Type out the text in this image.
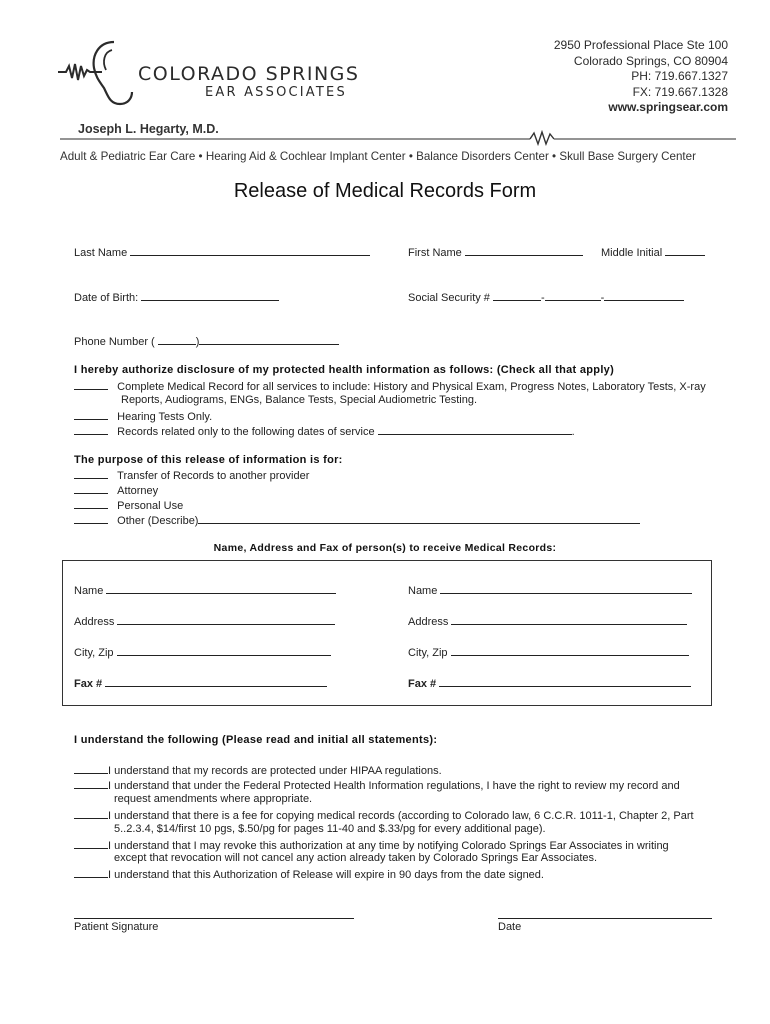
COLORADO SPRINGS
EAR ASSOCIATES
2950 Professional Place Ste 100
Colorado Springs, CO 80904
PH: 719.667.1327
FX: 719.667.1328
www.springsear.com
Joseph L. Hegarty, M.D.
Adult & Pediatric Ear Care • Hearing Aid & Cochlear Implant Center • Balance Disorders Center • Skull Base Surgery Center
Release of Medical Records Form
Last Name	First Name	Middle Initial
Date of Birth:	Social Security #	-	-
Phone Number (	)
I hereby authorize disclosure of my protected health information as follows: (Check all that apply)
Complete Medical Record for all services to include: History and Physical Exam, Progress Notes, Laboratory Tests, X-ray
Reports, Audiograms, ENGs, Balance Tests, Special Audiometric Testing.
Hearing Tests Only.
Records related only to the following dates of service	.
The purpose of this release of information is for:
Transfer of Records to another provider
Attorney
Personal Use
Other (Describe)
Name, Address and Fax of person(s) to receive Medical Records:
Name	Name
Address	Address
City, Zip	City, Zip
Fax #	Fax #
I understand the following (Please read and initial all statements):
I understand that my records are protected under HIPAA regulations.
I understand that under the Federal Protected Health Information regulations, I have the right to review my record and
request amendments where appropriate.
I understand that there is a fee for copying medical records (according to Colorado law, 6 C.C.R. 1011-1, Chapter 2, Part
5..2.3.4, $14/first 10 pgs, $.50/pg for pages 11-40 and $.33/pg for every additional page).
I understand that I may revoke this authorization at any time by notifying Colorado Springs Ear Associates in writing
except that revocation will not cancel any action already taken by Colorado Springs Ear Associates.
I understand that this Authorization of Release will expire in 90 days from the date signed.
Patient Signature	Date
